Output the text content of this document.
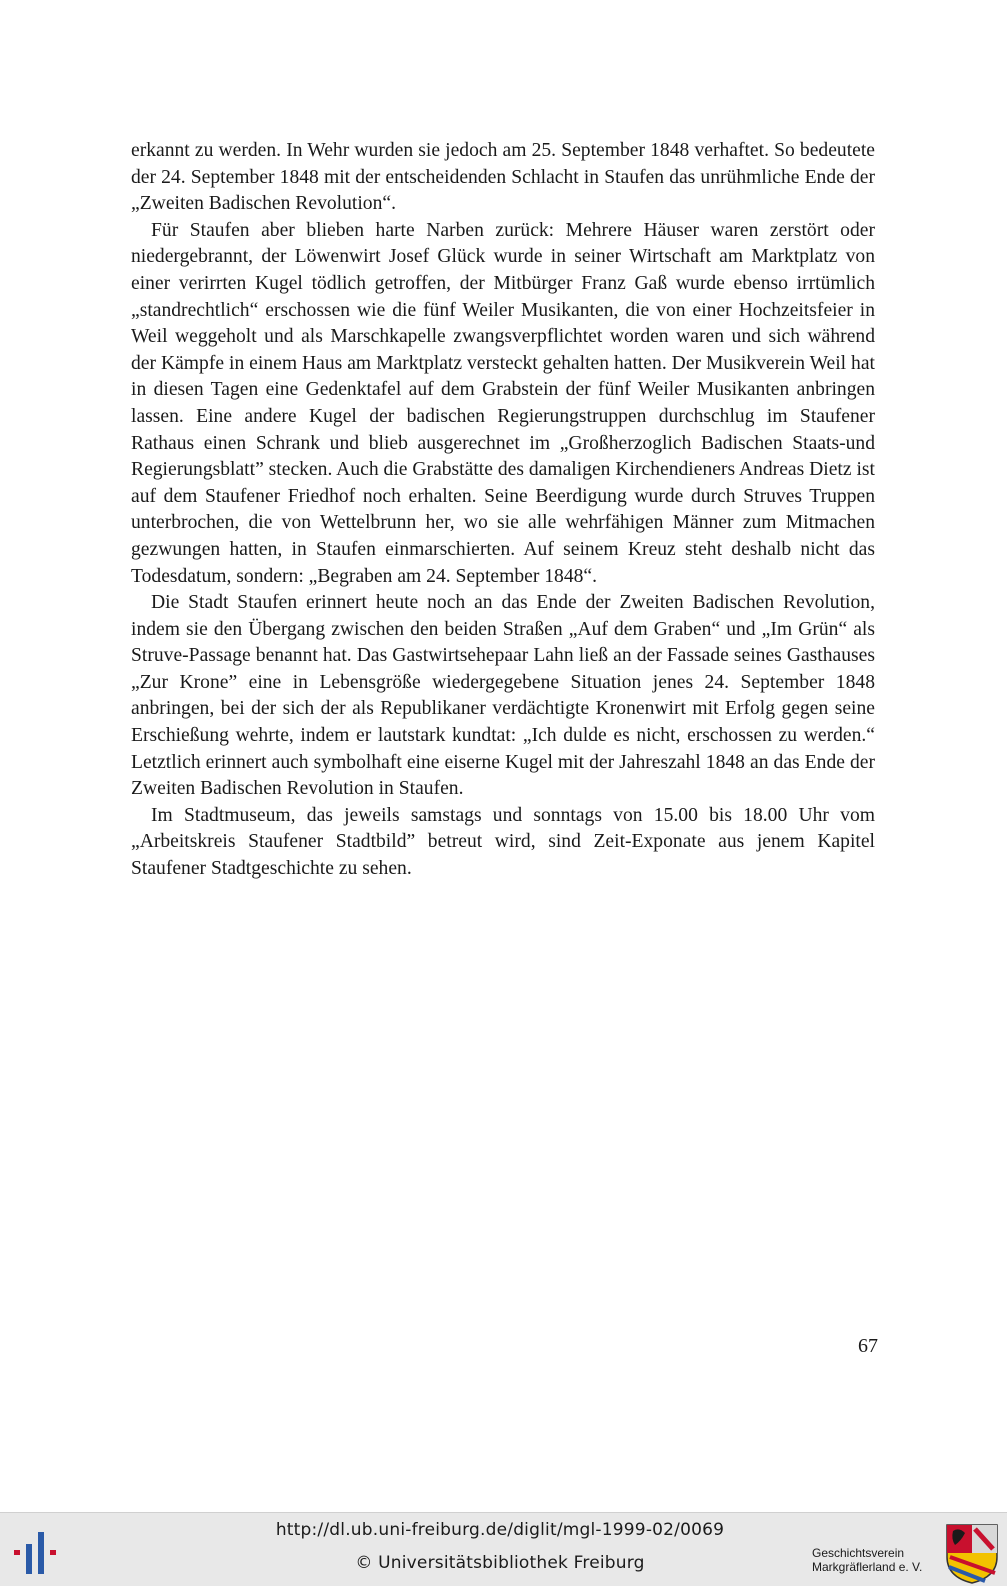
erkannt zu werden. In Wehr wurden sie jedoch am 25. September 1848 verhaftet. So bedeutete der 24. September 1848 mit der entscheidenden Schlacht in Staufen das unrühmliche Ende der „Zweiten Badischen Revolution“.

Für Staufen aber blieben harte Narben zurück: Mehrere Häuser waren zerstört oder niedergebrannt, der Löwenwirt Josef Glück wurde in seiner Wirtschaft am Marktplatz von einer verirrten Kugel tödlich getroffen, der Mitbürger Franz Gaß wurde ebenso irrtümlich „standrechtlich“ erschossen wie die fünf Weiler Musikanten, die von einer Hochzeitsfeier in Weil weggeholt und als Marschkapelle zwangsverpflichtet worden waren und sich während der Kämpfe in einem Haus am Marktplatz versteckt gehalten hatten. Der Musikverein Weil hat in diesen Tagen eine Gedenktafel auf dem Grabstein der fünf Weiler Musikanten anbringen lassen. Eine andere Kugel der badischen Regierungstruppen durchschlug im Staufener Rathaus einen Schrank und blieb ausgerechnet im „Großherzoglich Badischen Staats-und Regierungsblatt” stecken. Auch die Grabstätte des damaligen Kirchendieners Andreas Dietz ist auf dem Staufener Friedhof noch erhalten. Seine Beerdigung wurde durch Struves Truppen unterbrochen, die von Wettelbrunn her, wo sie alle wehrfähigen Männer zum Mitmachen gezwungen hatten, in Staufen einmarschierten. Auf seinem Kreuz steht deshalb nicht das Todesdatum, sondern: „Begraben am 24. September 1848“.

Die Stadt Staufen erinnert heute noch an das Ende der Zweiten Badischen Revolution, indem sie den Übergang zwischen den beiden Straßen „Auf dem Graben“ und „Im Grün“ als Struve-Passage benannt hat. Das Gastwirtsehepaar Lahn ließ an der Fassade seines Gasthauses „Zur Krone” eine in Lebensgröße wiedergegebene Situation jenes 24. September 1848 anbringen, bei der sich der als Republikaner verdächtigte Kronenwirt mit Erfolg gegen seine Erschießung wehrte, indem er lautstark kundtat: „Ich dulde es nicht, erschossen zu werden.“ Letztlich erinnert auch symbolhaft eine eiserne Kugel mit der Jahreszahl 1848 an das Ende der Zweiten Badischen Revolution in Staufen.

Im Stadtmuseum, das jeweils samstags und sonntags von 15.00 bis 18.00 Uhr vom „Arbeitskreis Staufener Stadtbild” betreut wird, sind Zeit-Exponate aus jenem Kapitel Staufener Stadtgeschichte zu sehen.

67
http://dl.ub.uni-freiburg.de/diglit/mgl-1999-02/0069
© Universitätsbibliothek Freiburg	Geschichtsverein
Markgräflerland e. V.
